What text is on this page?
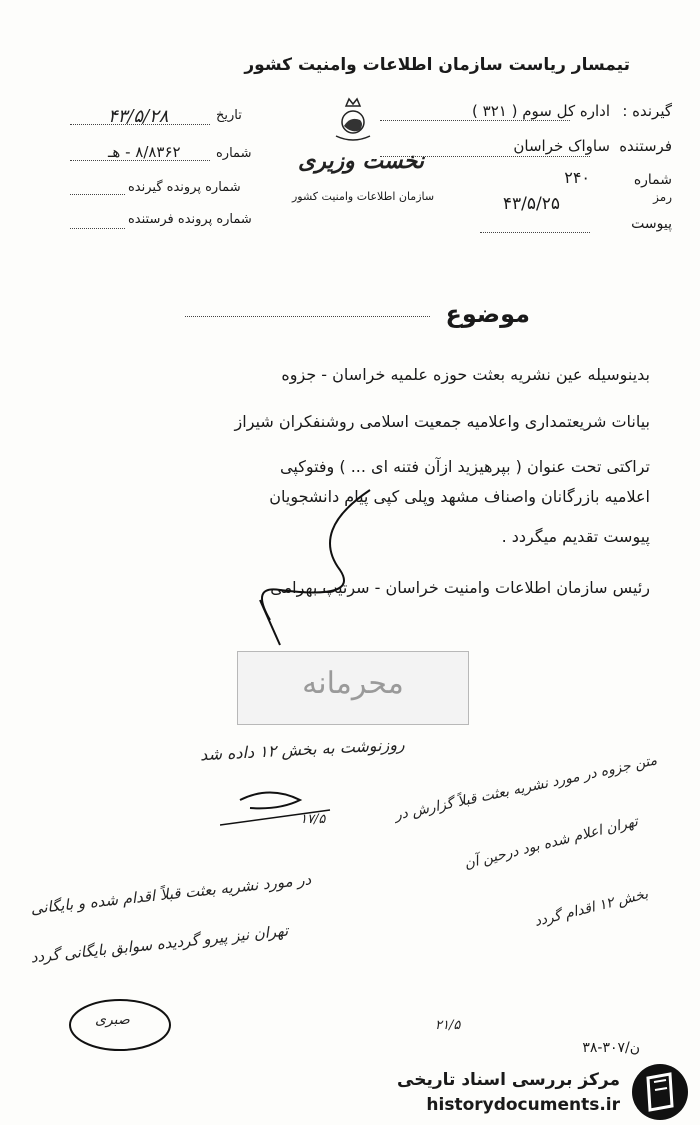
تیمسار ریاست سازمان اطلاعات وامنیت کشور
تاریخ
۴۳/۵/۲۸
شماره
۸/۸۳۶۲ - هـ
شماره پرونده گیرنده
شماره پرونده فرستنده
نخست وزیری
سازمان اطلاعات وامنیت کشور
گیرنده :
اداره کل سوم ( ۳۲۱ )
فرستنده
ساواک خراسان
شماره
۲۴۰
رمز
۴۳/۵/۲۵
پیوست
موضوع
بدینوسیله عین نشریه بعثت حوزه علمیه خراسان - جزوه
بیانات شریعتمداری واعلامیه جمعیت اسلامی روشنفکران شیراز
تراکتی تحت عنوان ( بپرهیزید ازآن فتنه ای ... ) وفتوکپی
اعلامیه بازرگانان واصناف مشهد وپلی کپی پیام دانشجویان
پیوست تقدیم میگردد .
رئیس سازمان اطلاعات وامنیت خراسان - سرتیپ بهرامی
محرمانه
روزنوشت به بخش ۱۲ داده شد
۱۷/۵	متن جزوه در مورد نشریه بعثت قبلاً گزارش در
تهران اعلام شده بود درحین آن
بخش ۱۲ اقدام گردد
۲۱/۵
در مورد نشریه بعثت قبلاً اقدام شده و بایگانی
تهران نیز پیرو گردیده سوابق بایگانی گردد
صبری
ن/۳۰۷-۳۸
مرکز بررسی اسناد تاریخی
historydocuments.ir
